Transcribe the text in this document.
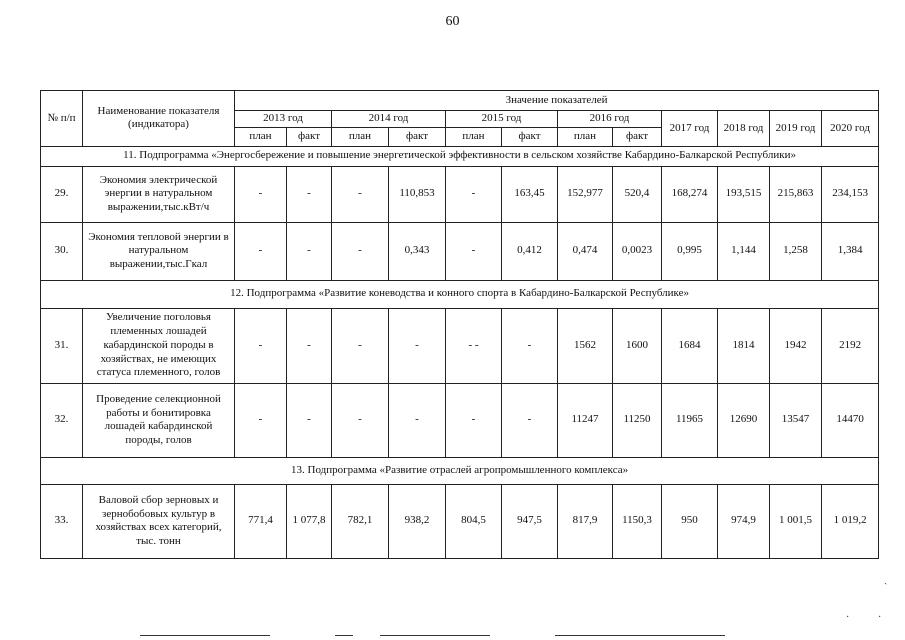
60
№ п/п	Наименование показателя (индикатора)	Значение показателей											
		2013 год		2014 год		2015 год		2016 год		2017 год	2018 год	2019 год	2020 год
		план	факт	план	факт	план	факт	план	факт				
11. Подпрограмма «Энергосбережение и повышение энергетической эффективности в сельском хозяйстве Кабардино-Балкарской Республики»													
29.	Экономия электрической энергии в натуральном выражении,тыс.кВт/ч	-	-	-	110,853	-	163,45	152,977	520,4	168,274	193,515	215,863	234,153
30.	Экономия тепловой энергии в натуральном выражении,тыс.Гкал	-	-	-	0,343	-	0,412	0,474	0,0023	0,995	1,144	1,258	1,384
12. Подпрограмма «Развитие коневодства и конного спорта в Кабардино-Балкарской Республике»													
31.	Увеличение поголовья племенных лошадей кабардинской породы в хозяйствах, не имеющих статуса племенного, голов	-	-	-	-	- -	-	1562	1600	1684	1814	1942	2192
32.	Проведение селекционной работы и бонитировка лошадей кабардинской породы, голов	-	-	-	-	-	-	11247	11250	11965	12690	13547	14470
13. Подпрограмма «Развитие отраслей агропромышленного комплекса»													
33.	Валовой сбор зерновых и зернобобовых культур в хозяйствах всех категорий, тыс. тонн	771,4	1 077,8	782,1	938,2	804,5	947,5	817,9	1150,3	950	974,9	1 001,5	1 019,2
ˏ
·	·
